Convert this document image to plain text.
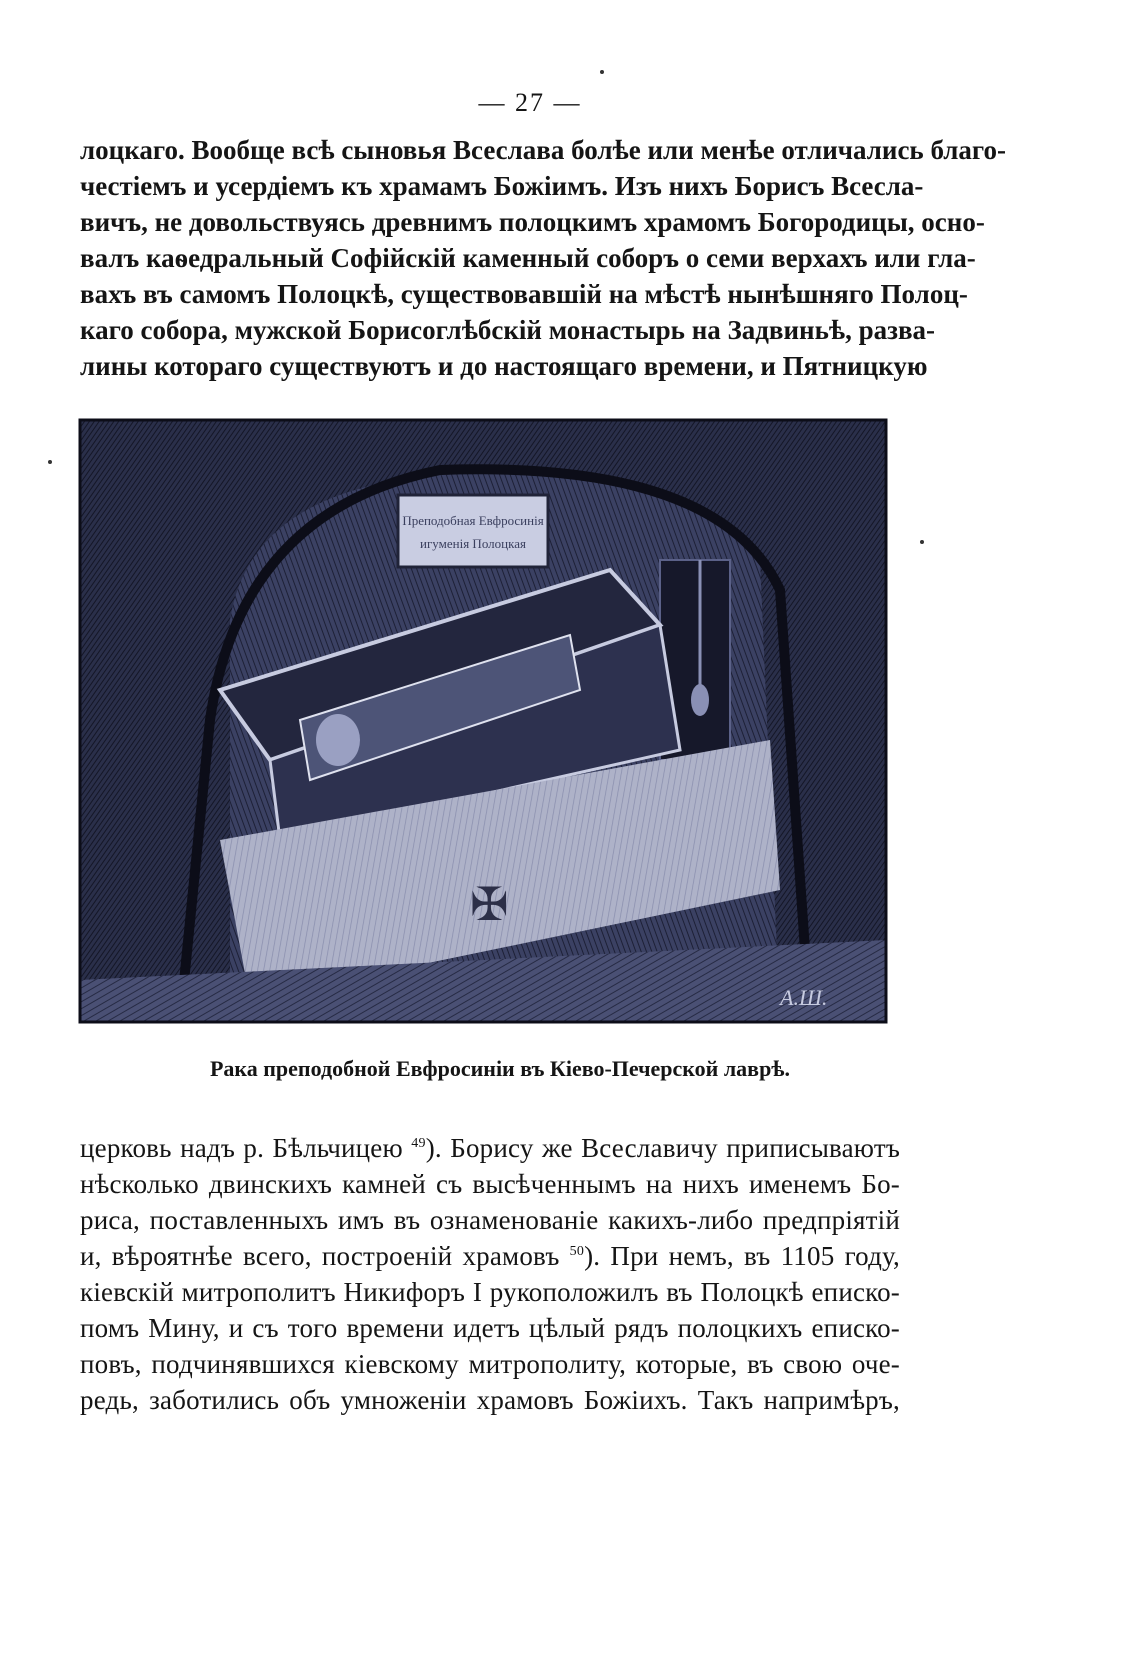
— 27 —
лоцкаго. Вообще всѣ сыновья Всеслава болѣе или менѣе отличались благо-
честіемъ и усердіемъ къ храмамъ Божіимъ. Изъ нихъ Борисъ Всесла-
вичъ, не довольствуясь древнимъ полоцкимъ храмомъ Богородицы, осно-
валъ каѳедральный Софійскій каменный соборъ о семи верхахъ или гла-
вахъ въ самомъ Полоцкѣ, существовавшій на мѣстѣ нынѣшняго Полоц-
каго собора, мужской Борисоглѣбскій монастырь на Задвиньѣ, разва-
лины котораго существуютъ и до настоящаго времени, и Пятницкую
Преподобная Евфросинія
игуменія Полоцкая
✠
А.Ш.
Рака преподобной Евфросиніи въ Кіево-Печерской лаврѣ.
церковь надъ р. Бѣльчицею $^{49}$). Борису же Всеславичу приписываютъ
нѣсколько двинскихъ камней съ высѣченнымъ на нихъ именемъ Бо-
риса, поставленныхъ имъ въ ознаменованіе какихъ-либо предпріятій
и, вѣроятнѣе всего, построеній храмовъ $^{50}$). При немъ, въ 1105 году,
кіевскій митрополитъ Никифоръ I рукоположилъ въ Полоцкѣ еписко-
помъ Мину, и съ того времени идетъ цѣлый рядъ полоцкихъ еписко-
повъ, подчинявшихся кіевскому митрополиту, которые, въ свою оче-
редь, заботились объ умноженіи храмовъ Божіихъ. Такъ напримѣръ,
